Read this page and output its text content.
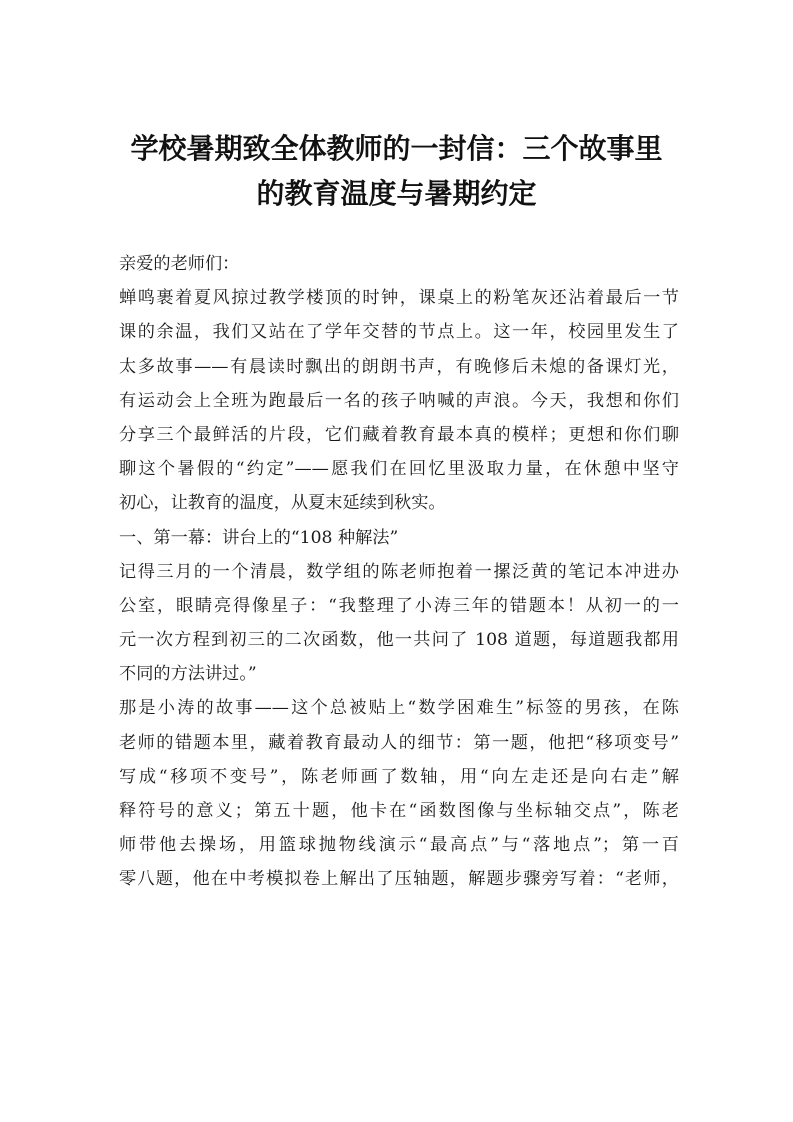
学校暑期致全体教师的一封信：三个故事里
的教育温度与暑期约定
亲爱的老师们：
蝉鸣裹着夏风掠过教学楼顶的时钟，课桌上的粉笔灰还沾着最后一节
课的余温，我们又站在了学年交替的节点上。这一年，校园里发生了
太多故事——有晨读时飘出的朗朗书声，有晚修后未熄的备课灯光，
有运动会上全班为跑最后一名的孩子呐喊的声浪。今天，我想和你们
分享三个最鲜活的片段，它们藏着教育最本真的模样；更想和你们聊
聊这个暑假的“约定”——愿我们在回忆里汲取力量，在休憩中坚守
初心，让教育的温度，从夏末延续到秋实。
一、第一幕：讲台上的“108 种解法”
记得三月的一个清晨，数学组的陈老师抱着一摞泛黄的笔记本冲进办
公室，眼睛亮得像星子：“我整理了小涛三年的错题本！从初一的一
元一次方程到初三的二次函数，他一共问了 108 道题，每道题我都用
不同的方法讲过。”
那是小涛的故事——这个总被贴上“数学困难生”标签的男孩，在陈
老师的错题本里，藏着教育最动人的细节：第一题，他把“移项变号”
写成“移项不变号”，陈老师画了数轴，用“向左走还是向右走”解
释符号的意义；第五十题，他卡在“函数图像与坐标轴交点”，陈老
师带他去操场，用篮球抛物线演示“最高点”与“落地点”；第一百
零八题，他在中考模拟卷上解出了压轴题，解题步骤旁写着：“老师，
